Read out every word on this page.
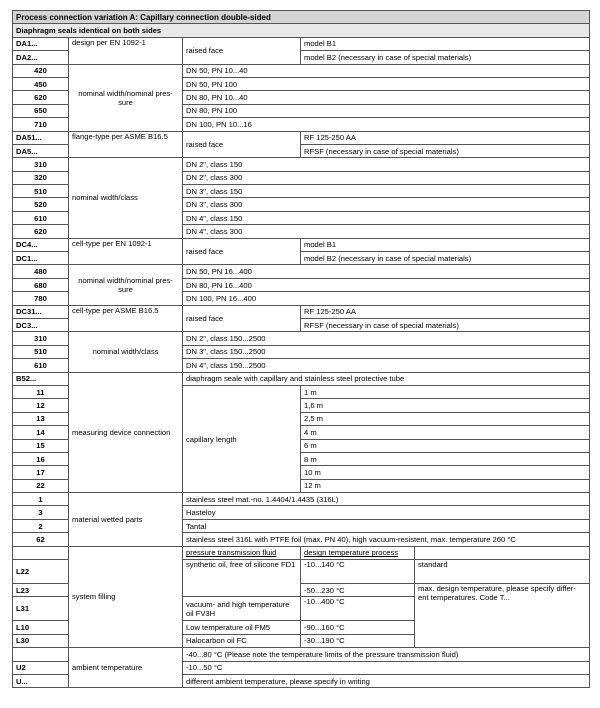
Process connection variation A: Capillary connection double-sided				
Diaphragm seals identical on both sides				
DA1...	design per EN 1092-1	raised face	model B1	
DA2...			model B2 (necessary in case of special materials)	
420	nominal width/nominal pres-sure	DN 50, PN 10...40		
450		DN 50, PN 100		
620		DN 80, PN 10...40		
650		DN 80, PN 100		
710		DN 100, PN 10...16		
DA51...	flange-type per ASME B16.5	raised face	RF 125-250 AA	
DA5...			RFSF (necessary in case of special materials)	
310	nominal width/class	DN 2", class 150		
320		DN 2", class 300		
510		DN 3", class 150		
520		DN 3", class 300		
610		DN 4", class 150		
620		DN 4", class 300		
DC4...	cell-type per EN 1092-1	raised face	model B1	
DC1...			model B2 (necessary in case of special materials)	
480	nominal width/nominal pres-sure	DN 50, PN 16...400		
680		DN 80, PN 16...400		
780		DN 100, PN 16...400		
DC31...	cell-type per ASME B16.5	raised face	RF 125-250 AA	
DC3...			RFSF (necessary in case of special materials)	
310	nominal width/class	DN 2", class 150...2500		
510		DN 3", class 150...2500		
610		DN 4", class 150...2500		
B52...	measuring device connection	diaphragm seale with capillary and stainless steel protective tube		
11		capillary length	1 m	
12			1,6 m	
13			2,5 m	
14			4 m	
15			6 m	
16			8 m	
17			10 m	
22			12 m	
1	material wetted parts	stainless steel mat.-no. 1.4404/1.4435 (316L)		
3		Hasteloy		
2		Tantal		
62		stainless steel 316L with PTFE foil (max. PN 40), high vacuum-resistent, max. temperature 260 °C		
	system filling	pressure transmission fluid	design temperature process	
L22		synthetic oil, free of silicone FD1	-10...140 °C	standard
L23			-50...230 °C	max. design temperature, please specify differ-ent temperatures. Code T...
L31		vacuum- and high temperature oil FV3H	-10...400 °C	
L10		Low temperature oil FM5	-90...160 °C	
L30		Halocarbon oil FC	-30...190 °C	
	ambient temperature	-40...80 °C (Please note the temperature limits of the pressure transmission fluid)		
U2		-10...50 °C		
U...		different ambient temperature, please specify in writing		
